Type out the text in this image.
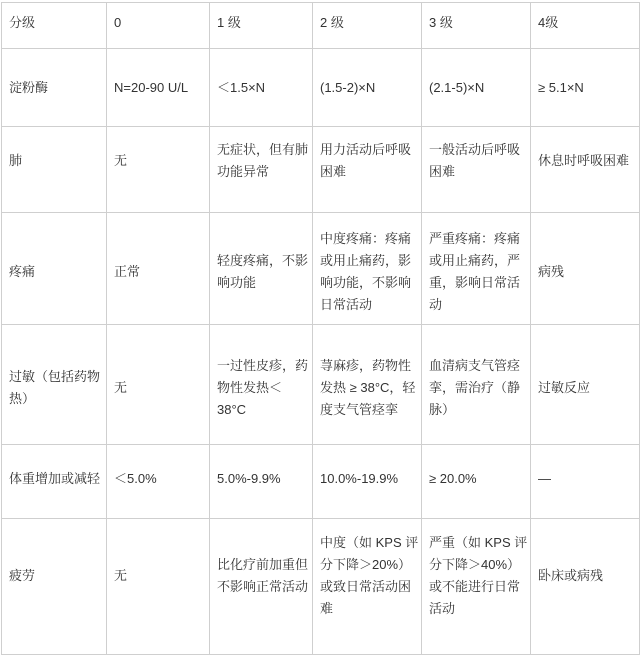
分级	0	1 级	2 级	3 级	4级

淀粉酶	N=20-90 U/L	＜1.5×N	(1.5-2)×N	(2.1-5)×N	≥ 5.1×N

肺	无	无症状，但有肺
功能异常	用力活动后呼吸
困难	一般活动后呼吸
困难	休息时呼吸困难

疼痛	正常	轻度疼痛，不影
响功能	中度疼痛：疼痛
或用止痛药，影
响功能，不影响
日常活动	严重疼痛：疼痛
或用止痛药，严
重，影响日常活
动	病残

过敏（包括药物
热）	无	一过性皮疹，药
物性发热＜
38°C	荨麻疹，药物性
发热 ≥ 38°C，轻
度支气管痉挛	血清病支气管痉
挛，需治疗（静
脉）	过敏反应

体重增加或减轻	＜5.0%	5.0%-9.9%	10.0%-19.9%	≥ 20.0%	—

疲劳	无	比化疗前加重但
不影响正常活动	中度（如 KPS 评
分下降＞20%）
或致日常活动困
难	严重（如 KPS 评
分下降＞40%）
或不能进行日常
活动	卧床或病残
